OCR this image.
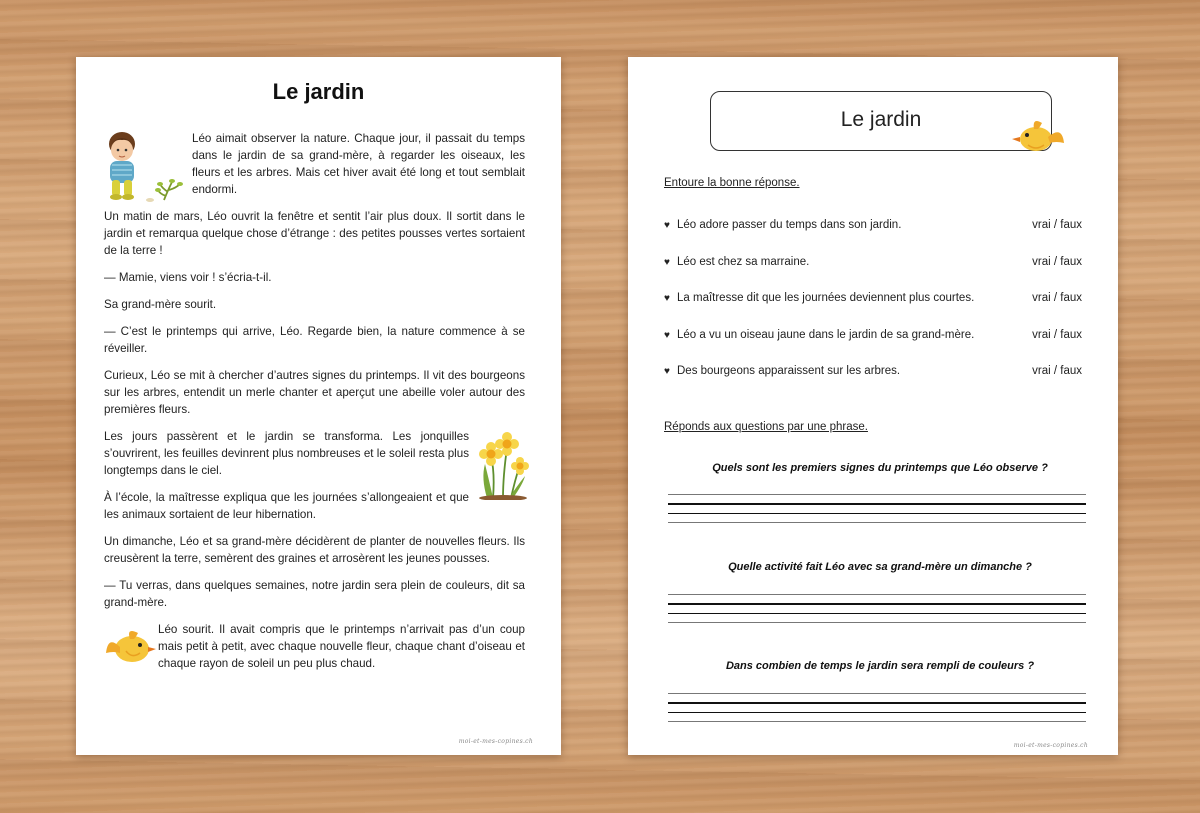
Le jardin

Léo aimait observer la nature. Chaque jour, il passait du temps dans le jardin de sa grand-mère, à regarder les oiseaux, les fleurs et les arbres. Mais cet hiver avait été long et tout semblait endormi.

Un matin de mars, Léo ouvrit la fenêtre et sentit l’air plus doux. Il sortit dans le jardin et remarqua quelque chose d’étrange : des petites pousses vertes sortaient de la terre !

— Mamie, viens voir ! s’écria-t-il.

Sa grand-mère sourit.

— C’est le printemps qui arrive, Léo. Regarde bien, la nature commence à se réveiller.

Curieux, Léo se mit à chercher d’autres signes du printemps. Il vit des bourgeons sur les arbres, entendit un merle chanter et aperçut une abeille voler autour des premières fleurs.

Les jours passèrent et le jardin se transforma. Les jonquilles s’ouvrirent, les feuilles devinrent plus nombreuses et le soleil resta plus longtemps dans le ciel.

À l’école, la maîtresse expliqua que les journées s’allongeaient et que les animaux sortaient de leur hibernation.

Un dimanche, Léo et sa grand-mère décidèrent de planter de nouvelles fleurs. Ils creusèrent la terre, semèrent des graines et arrosèrent les jeunes pousses.

— Tu verras, dans quelques semaines, notre jardin sera plein de couleurs, dit sa grand-mère.

Léo sourit. Il avait compris que le printemps n’arrivait pas d’un coup mais petit à petit, avec chaque nouvelle fleur, chaque chant d’oiseau et chaque rayon de soleil un peu plus chaud.

moi-et-mes-copines.ch
Le jardin
Entoure la bonne réponse.
♥ Léo adore passer du temps dans son jardin.	vrai / faux
♥ Léo est chez sa marraine.	vrai / faux
♥ La maîtresse dit que les journées deviennent plus courtes.	vrai / faux
♥ Léo a vu un oiseau jaune dans le jardin de sa grand-mère.	vrai / faux
♥ Des bourgeons apparaissent sur les arbres.	vrai / faux
Réponds aux questions par une phrase.
Quels sont les premiers signes du printemps que Léo observe ?
Quelle activité fait Léo avec sa grand-mère un dimanche ?
Dans combien de temps le jardin sera rempli de couleurs ?
moi-et-mes-copines.ch
